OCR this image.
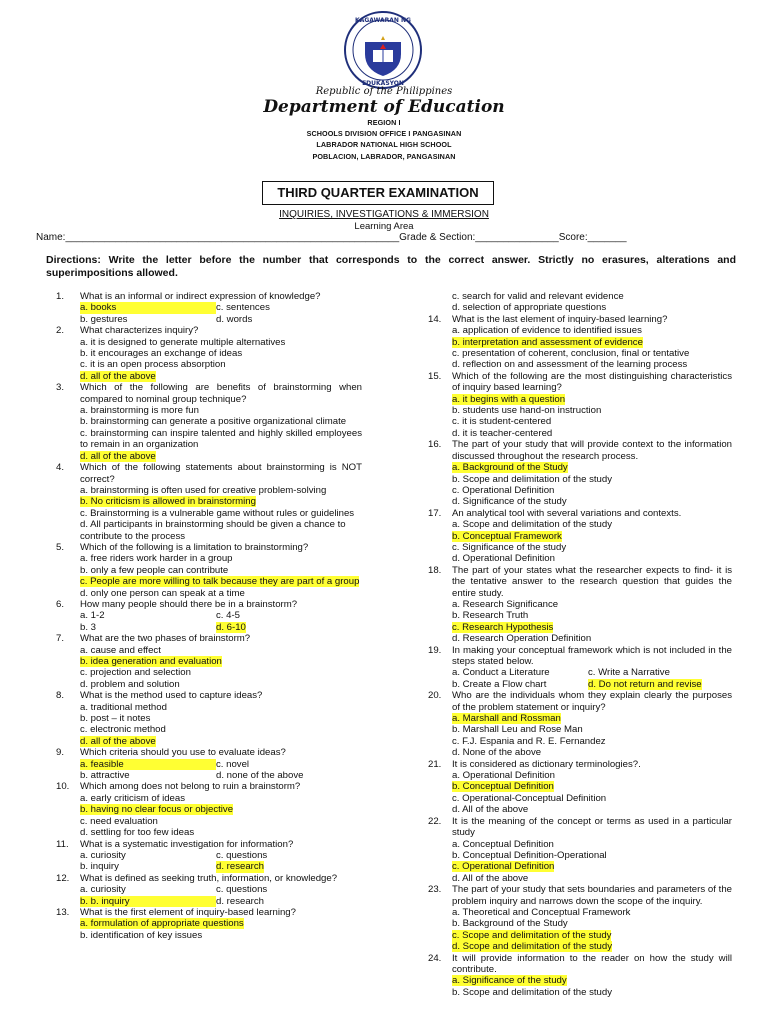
KAGAWARAN NG
EDUKASYON
Republic of the Philippines
Department of Education
REGION I
SCHOOLS DIVISION OFFICE I PANGASINAN
LABRADOR NATIONAL HIGH SCHOOL
POBLACION, LABRADOR, PANGASINAN
THIRD QUARTER EXAMINATION
INQUIRIES, INVESTIGATIONS & IMMERSION
Learning Area
Name:____________________________________________________________Grade & Section:_______________Score:_______
Directions: Write the letter before the number that corresponds to the correct answer. Strictly no erasures, alterations and superimpositions allowed.
1.	What is an informal or indirect expression of knowledge?
a. books	c. sentences
b. gestures	d. words
2.	What characterizes inquiry?
a. it is designed to generate multiple alternatives
b. it encourages an exchange of ideas
c. it is an open process absorption
d. all of the above
3.	Which of the following are benefits of brainstorming when compared to nominal group technique?
a. brainstorming is more fun
b. brainstorming can generate a positive organizational climate
c. brainstorming can inspire talented and highly skilled employees to remain in an organization
d. all of the above
4.	Which of the following statements about brainstorming is NOT correct?
a. brainstorming is often used for creative problem-solving
b. No criticism is allowed in brainstorming
c. Brainstorming is a vulnerable game without rules or guidelines
d. All participants in brainstorming should be given a chance to
contribute to the process
5.	Which of the following is a limitation to brainstorming?
a. free riders work harder in a group
b. only a few people can contribute
c. People are more willing to talk because they are part of a group
d. only one person can speak at a time
6.	How many people should there be in a brainstorm?
a. 1-2	c. 4-5
b. 3	d. 6-10
7.	What are the two phases of brainstorm?
a. cause and effect
b. idea generation and evaluation
c. projection and selection
d. problem and solution
8.	What is the method used to capture ideas?
a. traditional method
b. post – it notes
c. electronic method
d. all of the above
9.	Which criteria should you use to evaluate ideas?
a. feasible	c. novel
b. attractive	d. none of the above
10.	Which among does not belong to ruin a brainstorm?
a. early criticism of ideas
b. having no clear focus or objective
c. need evaluation
d. settling for too few ideas
11.	What is a systematic investigation for information?
a. curiosity	c. questions
b. inquiry	d. research
12.	What is defined as seeking truth, information, or knowledge?
a. curiosity	c. questions
b. b. inquiry	d. research
13.	What is the first element of inquiry-based learning?
a. formulation of appropriate questions
b. identification of key issues
c. search for valid and relevant evidence
d. selection of appropriate questions
14.	What is the last element of inquiry-based learning?
a. application of evidence to identified issues
b. interpretation and assessment of evidence
c. presentation of coherent, conclusion, final or tentative
d. reflection on and assessment of the learning process
15.	Which of the following are the most distinguishing characteristics of inquiry based learning?
a. it begins with a question
b. students use hand-on instruction
c. it is student-centered
d. it is teacher-centered
16.	The part of your study that will provide context to the information discussed throughout the research process.
a. Background of the Study
b. Scope and delimitation of the study
c. Operational Definition
d. Significance of the study
17.	An analytical tool with several variations and contexts.
a. Scope and delimitation of the study
b. Conceptual Framework
c. Significance of the study
d. Operational Definition
18.	The part of your states what the researcher expects to find- it is the tentative answer to the research question that guides the entire study.
a. Research Significance
b. Research Truth
c. Research Hypothesis
d. Research Operation Definition
19.	In making your conceptual framework which is not included in the steps stated below.
a. Conduct a Literature	c. Write a Narrative
b. Create a Flow chart	d. Do not return and revise
20.	Who are the individuals whom they explain clearly the purposes of the problem statement or inquiry?
a. Marshall and Rossman
b. Marshall Leu and Rose Man
c. F.J. Espania and R. E. Fernandez
d. None of the above
21.	It is considered as dictionary terminologies?.
a. Operational Definition
b. Conceptual Definition
c. Operational-Conceptual Definition
d. All of the above
22.	It is the meaning of the concept or terms as used in a particular study
a. Conceptual Definition
b. Conceptual Definition-Operational
c. Operational Definition
d. All of the above
23.	The part of your study that sets boundaries and parameters of the problem inquiry and narrows down the scope of the inquiry.
a. Theoretical and Conceptual Framework
b. Background of the Study
c. Scope and delimitation of the study
d. Scope and delimitation of the study
24.	It will provide information to the reader on how the study will contribute.
a. Significance of the study
b. Scope and delimitation of the study
